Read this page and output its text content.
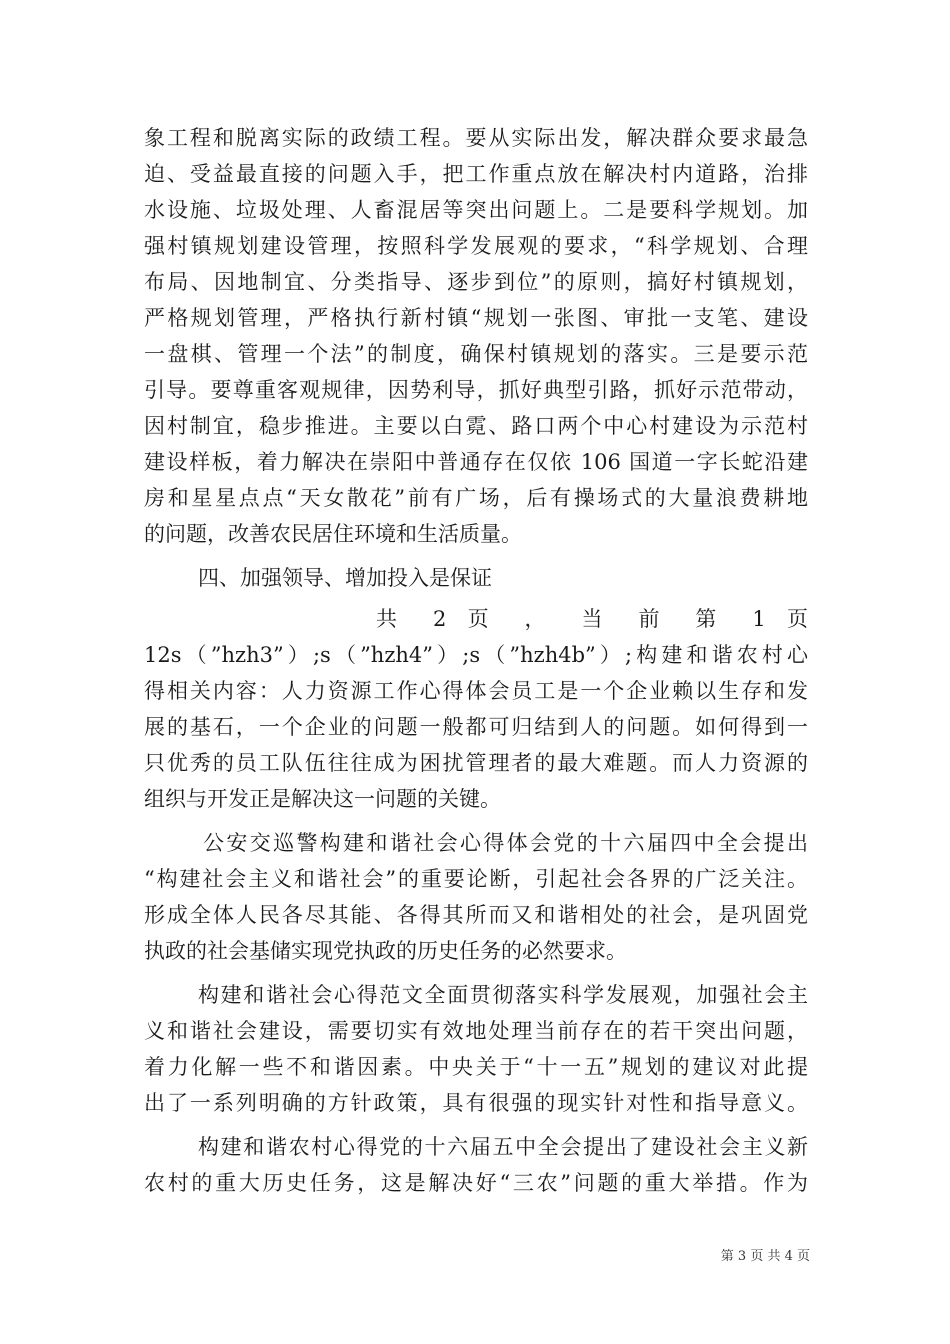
象工程和脱离实际的政绩工程。要从实际出发，解决群众要求最急
迫、受益最直接的问题入手，把工作重点放在解决村内道路，治排
水设施、垃圾处理、人畜混居等突出问题上。二是要科学规划。加
强村镇规划建设管理，按照科学发展观的要求，“科学规划、合理
布局、因地制宜、分类指导、逐步到位”的原则，搞好村镇规划，
严格规划管理，严格执行新村镇“规划一张图、审批一支笔、建设
一盘棋、管理一个法”的制度，确保村镇规划的落实。三是要示范
引导。要尊重客观规律，因势利导，抓好典型引路，抓好示范带动，
因村制宜，稳步推进。主要以白霓、路口两个中心村建设为示范村
建设样板，着力解决在崇阳中普通存在仅依 106 国道一字长蛇沿建
房和星星点点“天女散花”前有广场，后有操场式的大量浪费耕地
的问题，改善农民居住环境和生活质量。
四、加强领导、增加投入是保证
共 2 页 ， 当 前 第 1 页
12s（”hzh3”）;s（”hzh4”）;s（”hzh4b”）;构建和谐农村心
得相关内容：人力资源工作心得体会员工是一个企业赖以生存和发
展的基石，一个企业的问题一般都可归结到人的问题。如何得到一
只优秀的员工队伍往往成为困扰管理者的最大难题。而人力资源的
组织与开发正是解决这一问题的关键。
公安交巡警构建和谐社会心得体会党的十六届四中全会提出
“构建社会主义和谐社会”的重要论断，引起社会各界的广泛关注。
形成全体人民各尽其能、各得其所而又和谐相处的社会，是巩固党
执政的社会基储实现党执政的历史任务的必然要求。
构建和谐社会心得范文全面贯彻落实科学发展观，加强社会主
义和谐社会建设，需要切实有效地处理当前存在的若干突出问题，
着力化解一些不和谐因素。中央关于“十一五”规划的建议对此提
出了一系列明确的方针政策，具有很强的现实针对性和指导意义。
构建和谐农村心得党的十六届五中全会提出了建设社会主义新
农村的重大历史任务，这是解决好“三农”问题的重大举措。作为
第 3 页 共 4 页
